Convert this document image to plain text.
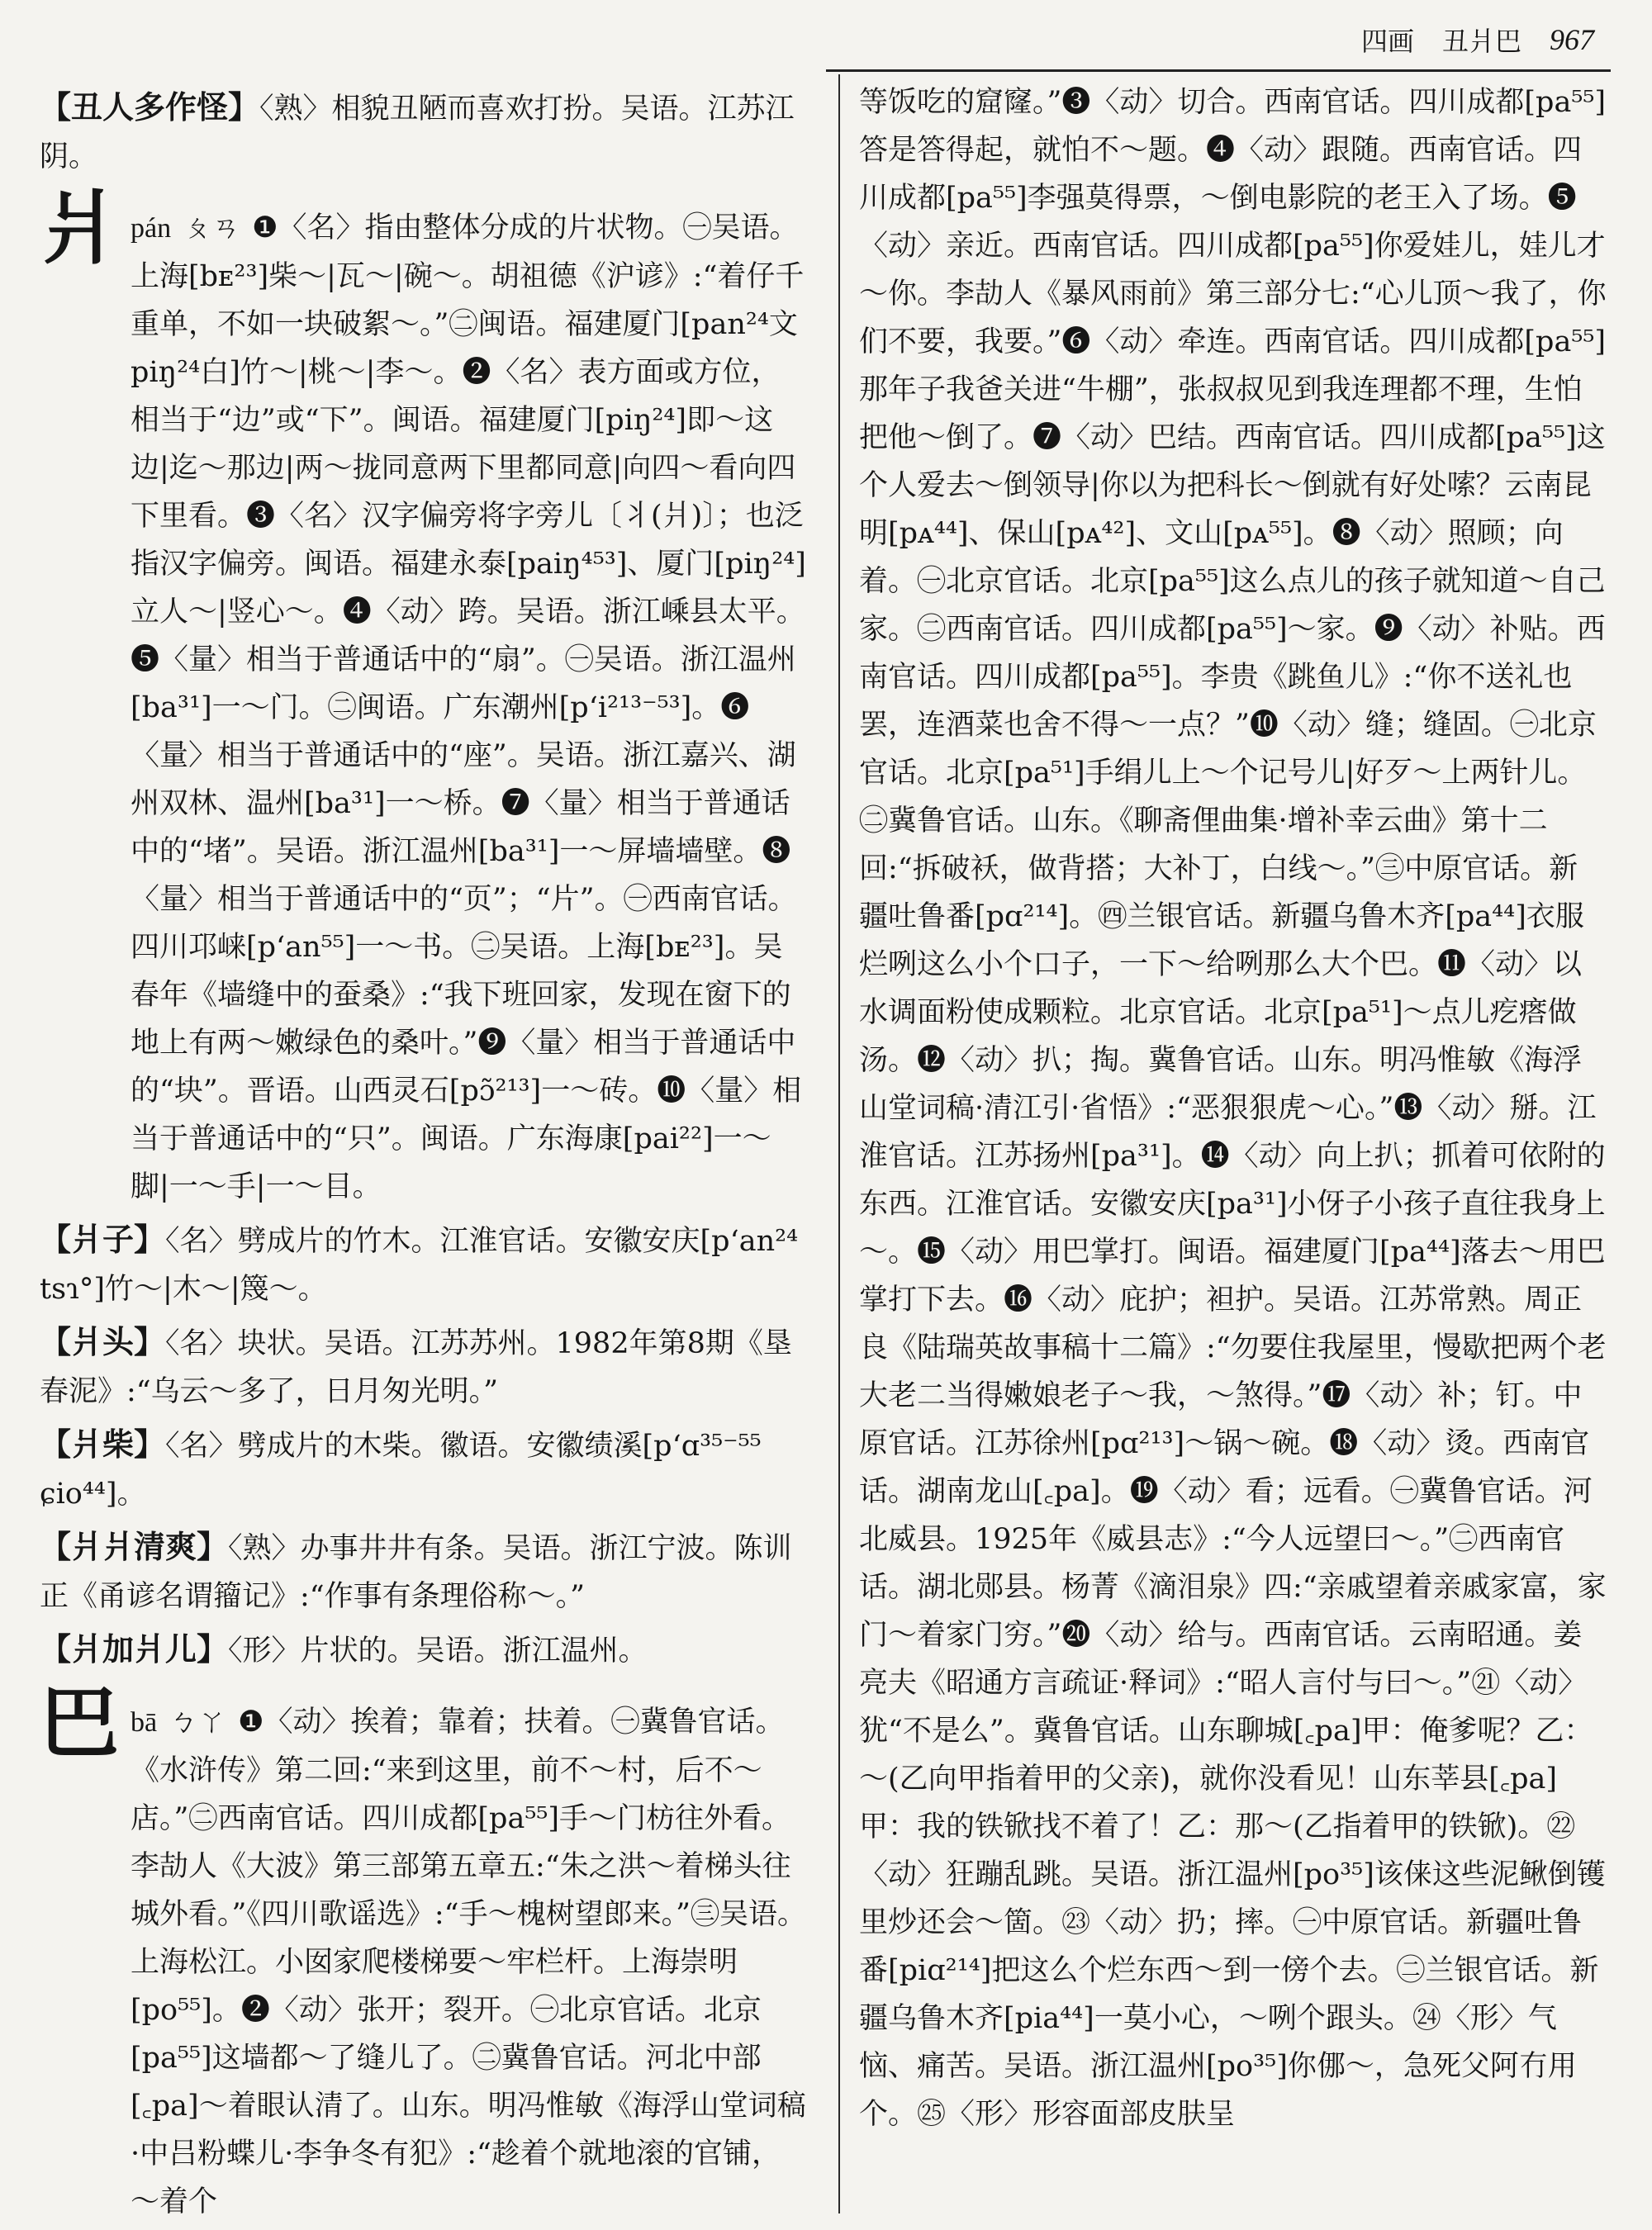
四画 丑爿巴 967

【丑人多作怪】〈熟〉相貌丑陋而喜欢打扮。吴语。江苏江阴。

爿 pán ㄆㄢ ❶〈名〉指由整体分成的片状物。㊀吴语。上海[bᴇ²³]柴～|瓦～|碗～。胡祖德《沪谚》:“着仔千重单，不如一块破絮～。”㊁闽语。福建厦门[pan²⁴文 piŋ²⁴白]竹～|桃～|李～。❷〈名〉表方面或方位，相当于“边”或“下”。闽语。福建厦门[piŋ²⁴]即～这边|迄～那边|两～拢同意两下里都同意|向四～看向四下里看。❸〈名〉汉字偏旁将字旁儿〔丬(爿)〕；也泛指汉字偏旁。闽语。福建永泰[paiŋ⁴⁵³]、厦门[piŋ²⁴]立人～|竖心～。❹〈动〉跨。吴语。浙江嵊县太平。❺〈量〉相当于普通话中的“扇”。㊀吴语。浙江温州[ba³¹]一～门。㊁闽语。广东潮州[pʻi²¹³⁻⁵³]。❻〈量〉相当于普通话中的“座”。吴语。浙江嘉兴、湖州双林、温州[ba³¹]一～桥。❼〈量〉相当于普通话中的“堵”。吴语。浙江温州[ba³¹]一～屏墙墙壁。❽〈量〉相当于普通话中的“页”；“片”。㊀西南官话。四川邛崃[pʻan⁵⁵]一～书。㊁吴语。上海[bᴇ²³]。吴春年《墙缝中的蚕桑》:“我下班回家，发现在窗下的地上有两～嫩绿色的桑叶。”❾〈量〉相当于普通话中的“块”。晋语。山西灵石[pɔ̃²¹³]一～砖。❿〈量〉相当于普通话中的“只”。闽语。广东海康[pai²²]一～脚|一～手|一～目。

【爿子】〈名〉劈成片的竹木。江淮官话。安徽安庆[pʻan²⁴ tsɿ°]竹～|木～|篾～。

【爿头】〈名〉块状。吴语。江苏苏州。1982年第8期《垦春泥》:“乌云～多了，日月匆光明。”

【爿柴】〈名〉劈成片的木柴。徽语。安徽绩溪[pʻɑ³⁵⁻⁵⁵ ɕio⁴⁴]。

【爿爿清爽】〈熟〉办事井井有条。吴语。浙江宁波。陈训正《甬谚名谓籀记》:“作事有条理俗称～。”

【爿加爿儿】〈形〉片状的。吴语。浙江温州。

巴 bā ㄅㄚ ❶〈动〉挨着；靠着；扶着。㊀冀鲁官话。《水浒传》第二回:“来到这里，前不～村，后不～店。”㊁西南官话。四川成都[pa⁵⁵]手～门枋往外看。李劼人《大波》第三部第五章五:“朱之洪～着梯头往城外看。”《四川歌谣选》:“手～槐树望郎来。”㊂吴语。上海松江。小囡家爬楼梯要～牢栏杆。上海崇明[po⁵⁵]。❷〈动〉张开；裂开。㊀北京官话。北京[pa⁵⁵]这墙都～了缝儿了。㊁冀鲁官话。河北中部[꜀pa]～着眼认清了。山东。明冯惟敏《海浮山堂词稿·中吕粉蝶儿·李争冬有犯》:“趁着个就地滚的官铺，～着个

等饭吃的窟窿。”❸〈动〉切合。西南官话。四川成都[pa⁵⁵]答是答得起，就怕不～题。❹〈动〉跟随。西南官话。四川成都[pa⁵⁵]李强莫得票，～倒电影院的老王入了场。❺〈动〉亲近。西南官话。四川成都[pa⁵⁵]你爱娃儿，娃儿才～你。李劼人《暴风雨前》第三部分七:“心儿顶～我了，你们不要，我要。”❻〈动〉牵连。西南官话。四川成都[pa⁵⁵]那年子我爸关进“牛棚”，张叔叔见到我连理都不理，生怕把他～倒了。❼〈动〉巴结。西南官话。四川成都[pa⁵⁵]这个人爱去～倒领导|你以为把科长～倒就有好处嗦？云南昆明[pᴀ⁴⁴]、保山[pᴀ⁴²]、文山[pᴀ⁵⁵]。❽〈动〉照顾；向着。㊀北京官话。北京[pa⁵⁵]这么点儿的孩子就知道～自己家。㊁西南官话。四川成都[pa⁵⁵]～家。❾〈动〉补贴。西南官话。四川成都[pa⁵⁵]。李贵《跳鱼儿》:“你不送礼也罢，连酒菜也舍不得～一点？”❿〈动〉缝；缝固。㊀北京官话。北京[pa⁵¹]手绢儿上～个记号儿|好歹～上两针儿。㊁冀鲁官话。山东。《聊斋俚曲集·增补幸云曲》第十二回:“拆破袄，做背搭；大补丁，白线～。”㊂中原官话。新疆吐鲁番[pɑ²¹⁴]。㊃兰银官话。新疆乌鲁木齐[pa⁴⁴]衣服烂咧这么小个口子，一下～给咧那么大个巴。⓫〈动〉以水调面粉使成颗粒。北京官话。北京[pa⁵¹]～点儿疙瘩做汤。⓬〈动〉扒；掏。冀鲁官话。山东。明冯惟敏《海浮山堂词稿·清江引·省悟》:“恶狠狠虎～心。”⓭〈动〉掰。江淮官话。江苏扬州[pa³¹]。⓮〈动〉向上扒；抓着可依附的东西。江淮官话。安徽安庆[pa³¹]小伢子小孩子直往我身上～。⓯〈动〉用巴掌打。闽语。福建厦门[pa⁴⁴]落去～用巴掌打下去。⓰〈动〉庇护；袒护。吴语。江苏常熟。周正良《陆瑞英故事稿十二篇》:“勿要住我屋里，慢歇把两个老大老二当得嫩娘老子～我，～煞得。”⓱〈动〉补；钉。中原官话。江苏徐州[pɑ²¹³]～锅～碗。⓲〈动〉烫。西南官话。湖南龙山[꜀pa]。⓳〈动〉看；远看。㊀冀鲁官话。河北威县。1925年《威县志》:“今人远望曰～。”㊁西南官话。湖北郧县。杨菁《滴泪泉》四:“亲戚望着亲戚家富，家门～着家门穷。”⓴〈动〉给与。西南官话。云南昭通。姜亮夫《昭通方言疏证·释词》:“昭人言付与曰～。”㉑〈动〉犹“不是么”。冀鲁官话。山东聊城[꜀pa]甲：俺爹呢？乙：～(乙向甲指着甲的父亲)，就你没看见！山东莘县[꜀pa]甲：我的铁锨找不着了！乙：那～(乙指着甲的铁锨)。㉒〈动〉狂蹦乱跳。吴语。浙江温州[po³⁵]该俫这些泥鳅倒镬里炒还会～箇。㉓〈动〉扔；摔。㊀中原官话。新疆吐鲁番[piɑ²¹⁴]把这么个烂东西～到一傍个去。㊁兰银官话。新疆乌鲁木齐[pia⁴⁴]一莫小心，～咧个跟头。㉔〈形〉气恼、痛苦。吴语。浙江温州[po³⁵]你㑚～，急死父阿冇用个。㉕〈形〉形容面部皮肤呈
